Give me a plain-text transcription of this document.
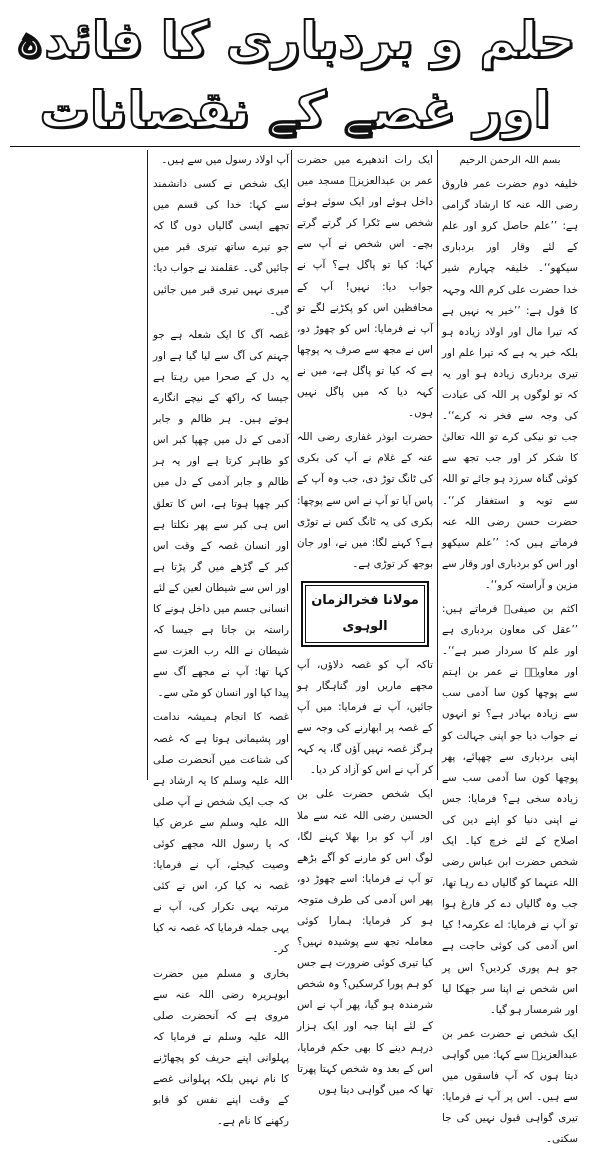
حلم و بردباری کا فائدہ
اور غصے کے نقصانات

بسم اللہ الرحمن الرحیم

خلیفہ دوم حضرت عمر فاروق رضی اللہ عنہ کا ارشاد گرامی ہے: ’’علم حاصل کرو اور علم کے لئے وقار اور بردباری سیکھو‘‘۔ خلیفہ چہارم شیر خدا حضرت علی کرم اللہ وجہہ کا قول ہے: ’’خیر یہ نہیں ہے کہ تیرا مال اور اولاد زیادہ ہو بلکہ خیر یہ ہے کہ تیرا علم اور تیری بردباری زیادہ ہو اور یہ کہ تو لوگوں پر اللہ کی عبادت کی وجہ سے فخر نہ کرے‘‘۔ جب تو نیکی کرے تو اللہ تعالیٰ کا شکر کر اور جب تجھ سے کوئی گناہ سرزد ہو جائے تو اللہ سے توبہ و استغفار کر‘‘۔ حضرت حسن رضی اللہ عنہ فرماتے ہیں کہ: ’’علم سیکھو اور اس کو بردباری اور وقار سے مزین و آراستہ کرو‘‘۔

اکثم بن صیفیؒ فرماتے ہیں: ’’عقل کی معاون بردباری ہے اور علم کا سردار صبر ہے‘‘۔ اور معاویہؓ نے عمر بن اہتم سے پوچھا کون سا آدمی سب سے زیادہ بہادر ہے؟ تو انہوں نے جواب دیا جو اپنی جہالت کو اپنی بردباری سے چھپائے، پھر پوچھا کون سا آدمی سب سے زیادہ سخی ہے؟ فرمایا: جس نے اپنی دنیا کو اپنے دین کی اصلاح کے لئے خرچ کیا۔ ایک شخص حضرت ابن عباس رضی اللہ عنہما کو گالیاں دے رہا تھا، جب وہ گالیاں دے کر فارغ ہوا تو آپ نے فرمایا: اے عکرمہ! کیا اس آدمی کی کوئی حاجت ہے جو ہم پوری کردیں؟ اس پر اس شخص نے اپنا سر جھکا لیا اور شرمسار ہو گیا۔

ایک شخص نے حضرت عمر بن عبدالعزیزؒ سے کہا: میں گواہی دیتا ہوں کہ آپ فاسقوں میں سے ہیں۔ اس پر آپ نے فرمایا: تیری گواہی قبول نہیں کی جا سکتی۔

ایک رات اندھیرے میں حضرت عمر بن عبدالعزیزؒ مسجد میں داخل ہوئے اور ایک سوئے ہوئے شخص سے ٹکرا کر گرتے گرتے بچے۔ اس شخص نے آپ سے کہا: کیا تو پاگل ہے؟ آپ نے جواب دیا: نہیں! آپ کے محافظین اس کو پکڑنے لگے تو آپ نے فرمایا: اس کو چھوڑ دو، اس نے مجھ سے صرف یہ پوچھا ہے کہ کیا تو پاگل ہے، میں نے کہہ دیا کہ میں پاگل نہیں ہوں۔

حضرت ابوذر غفاری رضی اللہ عنہ کے غلام نے آپ کی بکری کی ٹانگ توڑ دی، جب وہ آپ کے پاس آیا تو آپ نے اس سے پوچھا: بکری کی یہ ٹانگ کس نے توڑی ہے؟ کہنے لگا: میں نے، اور جان بوجھ کر توڑی ہے۔

مولانا فخرالزمان الوہوی

تاکہ آپ کو غصہ دلاؤں، آپ مجھے ماریں اور گناہگار ہو جائیں، آپ نے فرمایا: میں آپ کے غصہ پر ابھارنے کی وجہ سے ہرگز غصہ نہیں آؤں گا، یہ کہہ کر آپ نے اس کو آزاد کر دیا۔

ایک شخص حضرت علی بن الحسین رضی اللہ عنہ سے ملا اور آپ کو برا بھلا کہنے لگا، لوگ اس کو مارنے کو آگے بڑھے تو آپ نے فرمایا: اسے چھوڑ دو، پھر اس آدمی کی طرف متوجہ ہو کر فرمایا: ہمارا کوئی معاملہ تجھ سے پوشیدہ نہیں؟ کیا تیری کوئی ضرورت ہے جس کو ہم پورا کرسکیں؟ وہ شخص شرمندہ ہو گیا، پھر آپ نے اس کے لئے اپنا جبہ اور ایک ہزار درہم دینے کا بھی حکم فرمایا، اس کے بعد وہ شخص کہتا پھرتا تھا کہ میں گواہی دیتا ہوں

آپ اولاد رسول میں سے ہیں۔

ایک شخص نے کسی دانشمند سے کہا: خدا کی قسم میں تجھے ایسی گالیاں دوں گا کہ جو تیرے ساتھ تیری قبر میں جائیں گی۔ عقلمند نے جواب دیا: میری نہیں تیری قبر میں جائیں گی۔

غصہ آگ کا ایک شعلہ ہے جو جہنم کی آگ سے لیا گیا ہے اور یہ دل کے صحرا میں رہتا ہے جیسا کہ راکھ کے نیچے انگارے ہوتے ہیں۔ ہر ظالم و جابر آدمی کے دل میں چھپا کبر اس کو ظاہر کرتا ہے اور یہ ہر ظالم و جابر آدمی کے دل میں کبر چھپا ہوتا ہے، اس کا تعلق اس ہی کبر سے پھر نکلتا ہے اور انسان غصہ کے وقت اس کبر کے گڑھے میں گر پڑتا ہے اور اس سے شیطان لعین کے لئے انسانی جسم میں داخل ہونے کا راستہ بن جاتا ہے جیسا کہ شیطان نے اللہ رب العزت سے کہا تھا: آپ نے مجھے آگ سے پیدا کیا اور انسان کو مٹی سے۔

غصہ کا انجام ہمیشہ ندامت اور پشیمانی ہوتا ہے کہ غصہ کی شناعت میں آنحضرت صلی اللہ علیہ وسلم کا یہ ارشاد ہے کہ جب ایک شخص نے آپ صلی اللہ علیہ وسلم سے عرض کیا کہ یا رسول اللہ مجھے کوئی وصیت کیجئے، آپ نے فرمایا: غصہ نہ کیا کر، اس نے کئی مرتبہ یہی تکرار کی، آپ نے یہی جملہ فرمایا کہ غصہ نہ کیا کر۔

بخاری و مسلم میں حضرت ابوہریرہ رضی اللہ عنہ سے مروی ہے کہ آنحضرت صلی اللہ علیہ وسلم نے فرمایا کہ پہلوانی اپنے حریف کو پچھاڑنے کا نام نہیں بلکہ پہلوانی غصے کے وقت اپنے نفس کو قابو رکھنے کا نام ہے۔
